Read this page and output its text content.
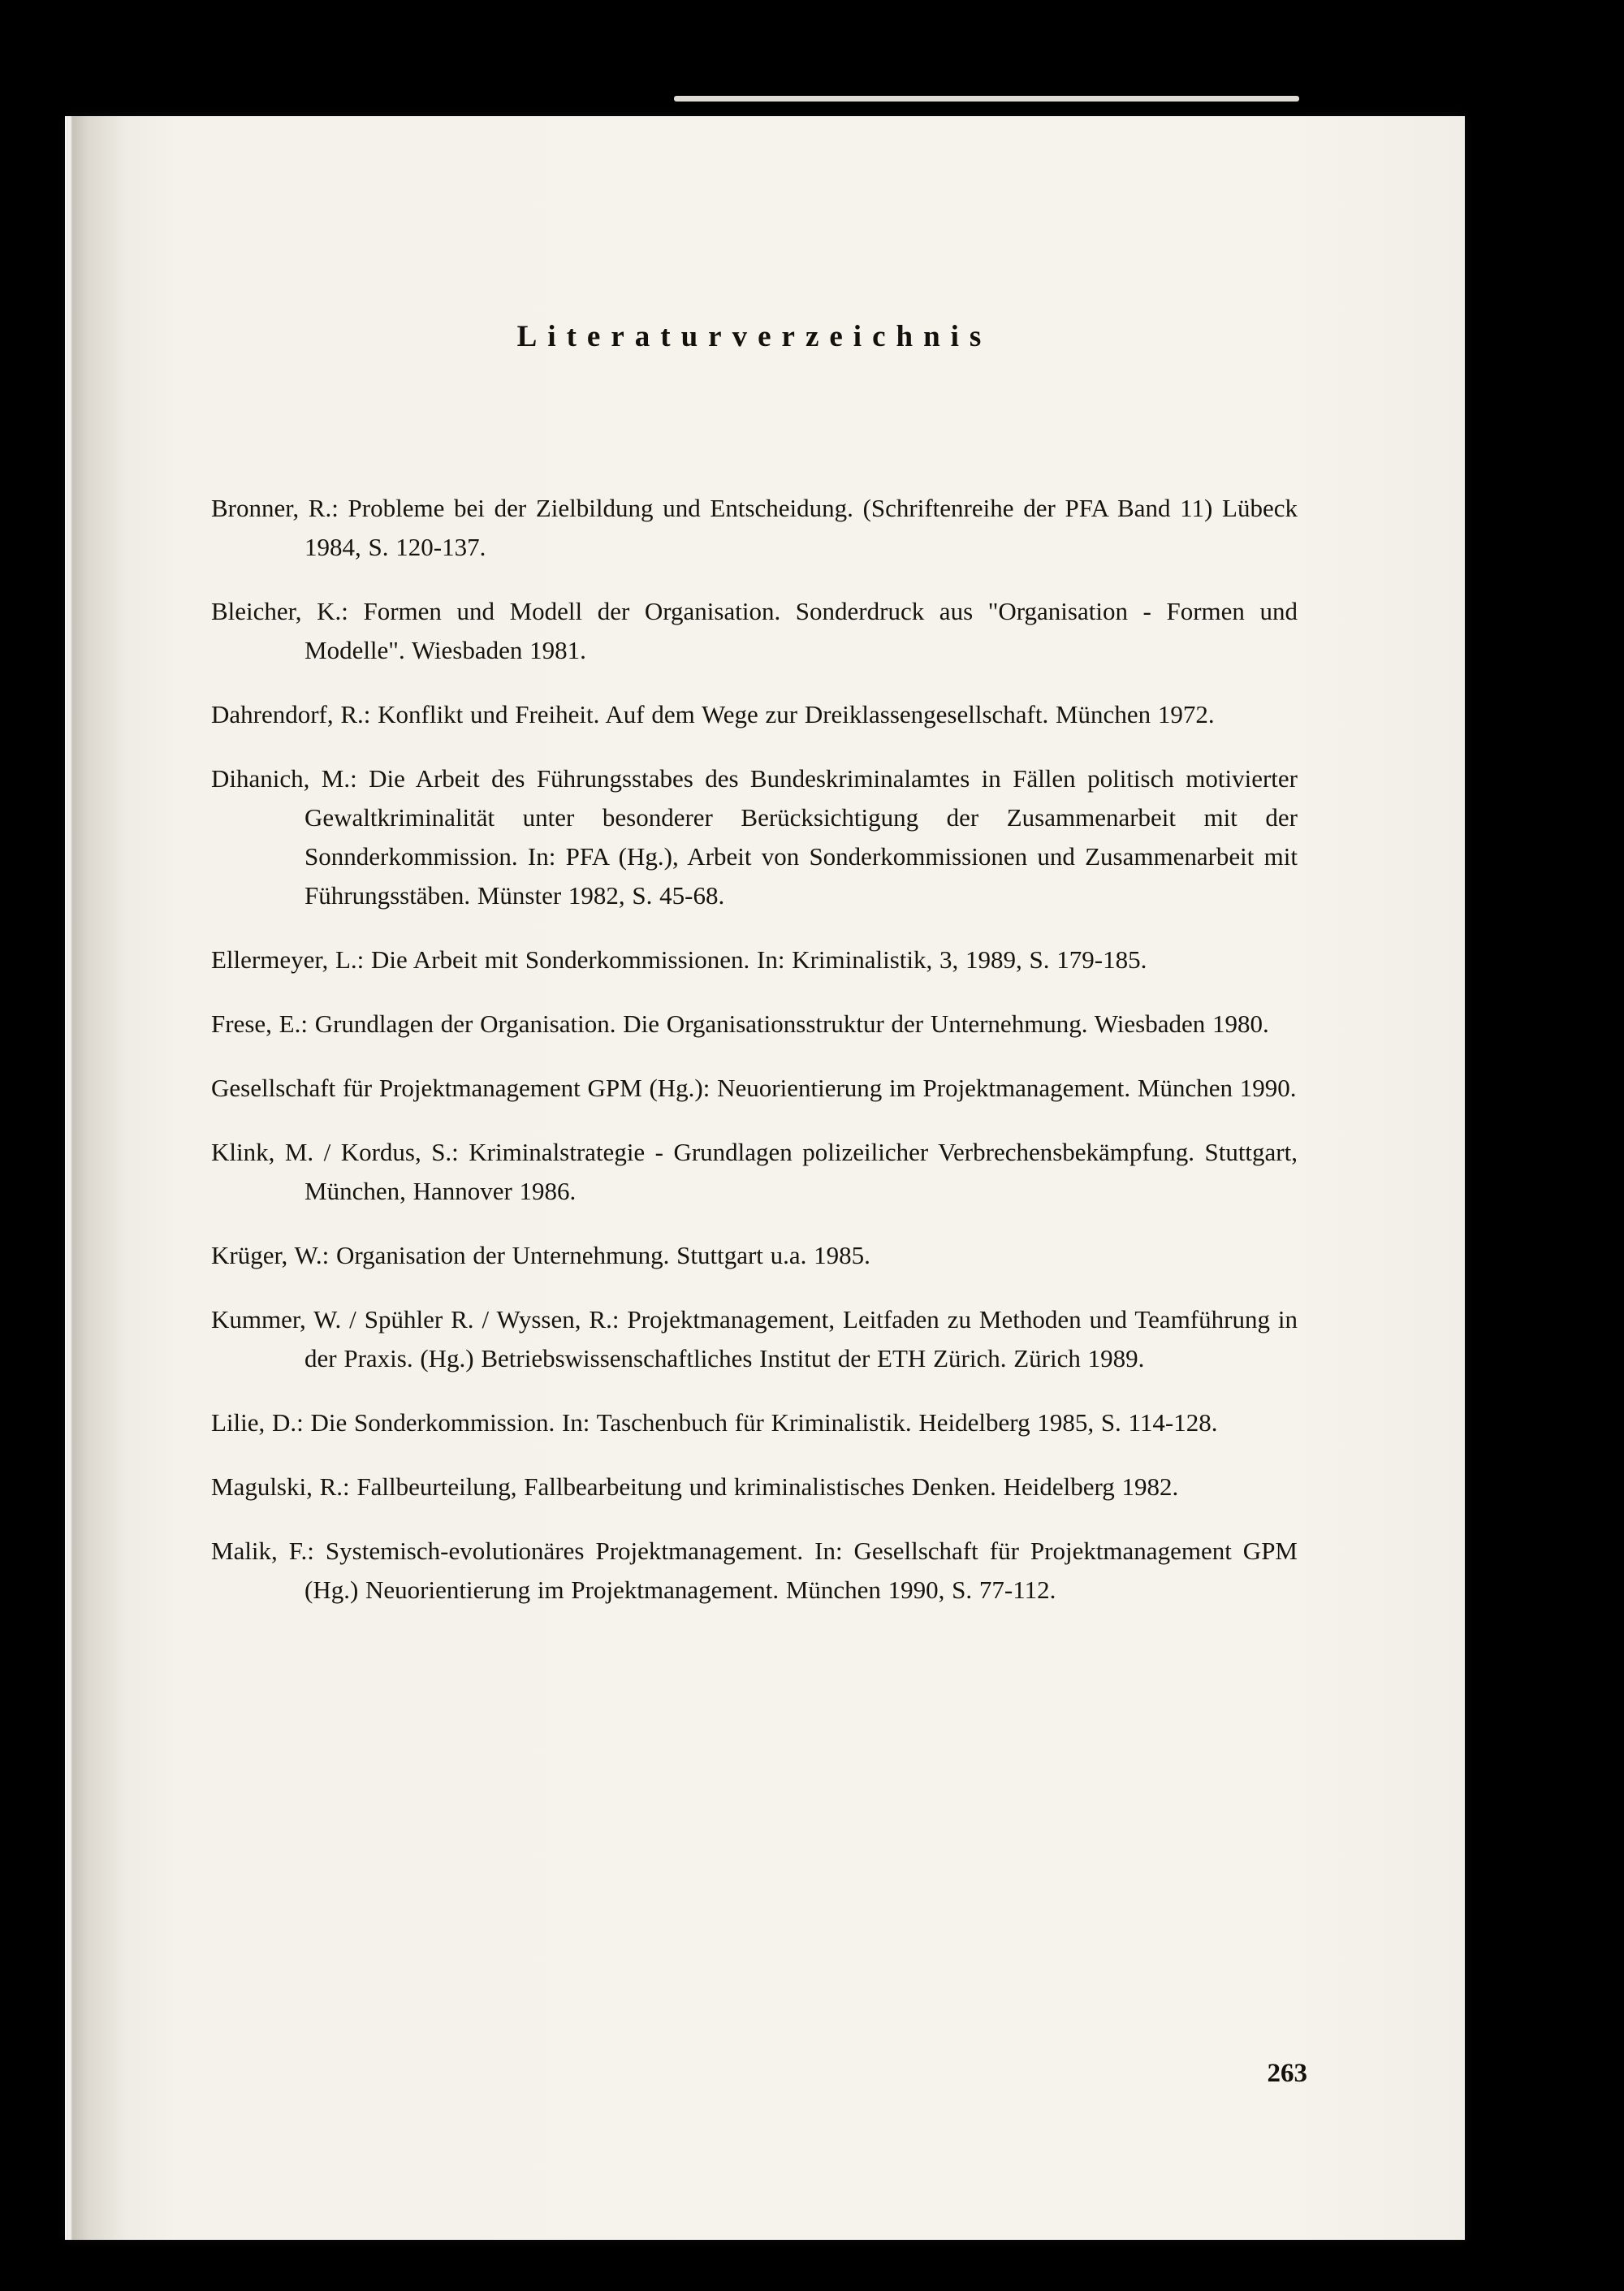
Literaturverzeichnis
Bronner, R.: Probleme bei der Zielbildung und Entscheidung. (Schriftenreihe der PFA Band 11) Lübeck 1984, S. 120-137.
Bleicher, K.: Formen und Modell der Organisation. Sonderdruck aus "Organisation - Formen und Modelle". Wiesbaden 1981.
Dahrendorf, R.: Konflikt und Freiheit. Auf dem Wege zur Dreiklassengesellschaft. München 1972.
Dihanich, M.: Die Arbeit des Führungsstabes des Bundeskriminalamtes in Fällen politisch motivierter Gewaltkriminalität unter besonderer Berücksichtigung der Zusammenarbeit mit der Sonnderkommission. In: PFA (Hg.), Arbeit von Sonderkommissionen und Zusammenarbeit mit Führungsstäben. Münster 1982, S. 45-68.
Ellermeyer, L.: Die Arbeit mit Sonderkommissionen. In: Kriminalistik, 3, 1989, S. 179-185.
Frese, E.: Grundlagen der Organisation. Die Organisationsstruktur der Unternehmung. Wiesbaden 1980.
Gesellschaft für Projektmanagement GPM (Hg.): Neuorientierung im Projektmanagement. München 1990.
Klink, M. / Kordus, S.: Kriminalstrategie - Grundlagen polizeilicher Verbrechensbekämpfung. Stuttgart, München, Hannover 1986.
Krüger, W.: Organisation der Unternehmung. Stuttgart u.a. 1985.
Kummer, W. / Spühler R. / Wyssen, R.: Projektmanagement, Leitfaden zu Methoden und Teamführung in der Praxis. (Hg.) Betriebswissenschaftliches Institut der ETH Zürich. Zürich 1989.
Lilie, D.: Die Sonderkommission. In: Taschenbuch für Kriminalistik. Heidelberg 1985, S. 114-128.
Magulski, R.: Fallbeurteilung, Fallbearbeitung und kriminalistisches Denken. Heidelberg 1982.
Malik, F.: Systemisch-evolutionäres Projektmanagement. In: Gesellschaft für Projektmanagement GPM (Hg.) Neuorientierung im Projektmanagement. München 1990, S. 77-112.
263
